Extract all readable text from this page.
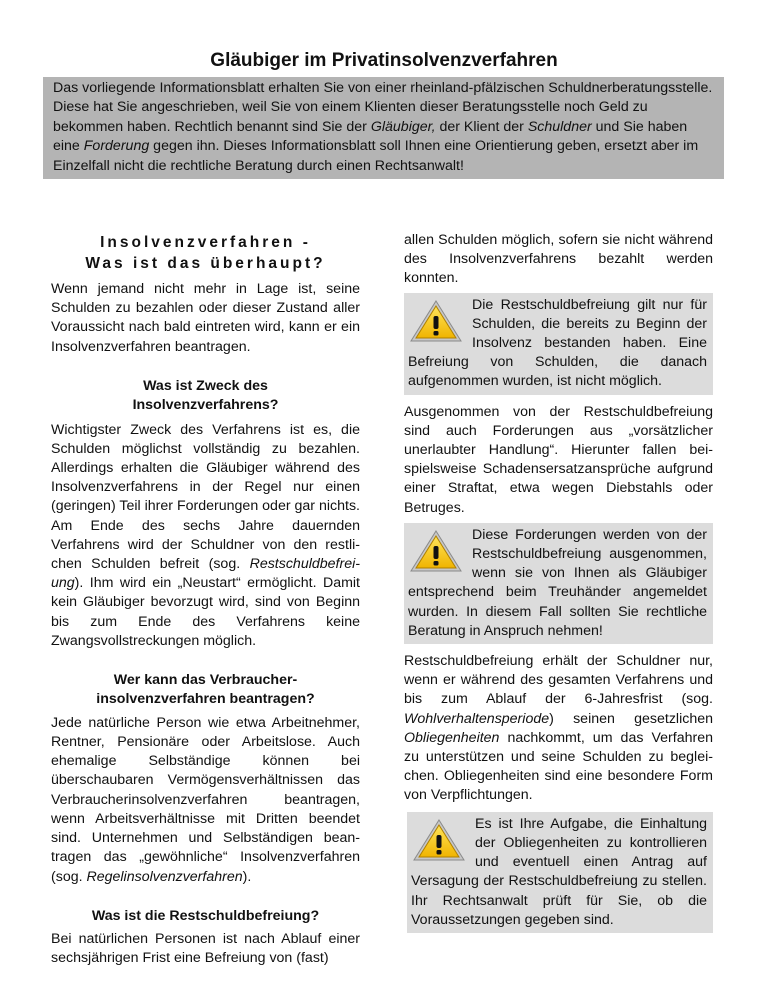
Gläubiger im Privatinsolvenzverfahren
Das vorliegende Informationsblatt erhalten Sie von einer rheinland-pfälzischen Schuldnerberatungsstelle. Diese hat Sie angeschrieben, weil Sie von einem Klienten dieser Beratungsstelle noch Geld zu bekommen haben. Rechtlich benannt sind Sie der Gläubiger, der Klient der Schuldner und Sie haben eine Forderung gegen ihn. Dieses Informationsblatt soll Ihnen eine Orientierung geben, ersetzt aber im Einzelfall nicht die rechtliche Beratung durch einen Rechtsanwalt!
Insolvenzverfahren -
Was ist das überhaupt?

Wenn jemand nicht mehr in Lage ist, seine Schulden zu bezahlen oder dieser Zustand aller Voraussicht nach bald eintreten wird, kann er ein Insolvenzverfahren beantragen.

Was ist Zweck des
Insolvenzverfahrens?

Wichtigster Zweck des Verfahrens ist es, die Schulden möglichst vollständig zu bezahlen. Allerdings erhalten die Gläubiger während des Insolvenzverfahrens in der Regel nur einen (geringen) Teil ihrer Forderungen oder gar nichts. Am Ende des sechs Jahre dauernden Verfahrens wird der Schuldner von den restlichen Schulden befreit (sog. Restschuldbefreiung). Ihm wird ein „Neustart“ ermöglicht. Damit kein Gläubiger bevorzugt wird, sind von Beginn bis zum Ende des Verfahrens keine Zwangsvollstreckungen möglich.

Wer kann das Verbraucher-
insolvenzverfahren beantragen?

Jede natürliche Person wie etwa Arbeitnehmer, Rentner, Pensionäre oder Arbeitslose. Auch ehemalige Selbständige können bei überschaubaren Vermögensverhältnissen das Verbraucherinsolvenzverfahren beantragen, wenn Arbeitsverhältnisse mit Dritten beendet sind. Unternehmen und Selbständigen beantragen das „gewöhnliche“ Insolvenzverfahren (sog. Regelinsolvenzverfahren).

Was ist die Restschuldbefreiung?

Bei natürlichen Personen ist nach Ablauf einer sechsjährigen Frist eine Befreiung von (fast)

allen Schulden möglich, sofern sie nicht während des Insolvenzverfahrens bezahlt werden konnten.

Die Restschuldbefreiung gilt nur für Schulden, die bereits zu Beginn der Insolvenz bestanden haben. Eine Befreiung von Schulden, die danach aufgenommen wurden, ist nicht möglich.

Ausgenommen von der Restschuldbefreiung sind auch Forderungen aus „vorsätzlicher unerlaubter Handlung“. Hierunter fallen beispielsweise Schadensersatzansprüche aufgrund einer Straftat, etwa wegen Diebstahls oder Betruges.

Diese Forderungen werden von der Restschuldbefreiung ausgenommen, wenn sie von Ihnen als Gläubiger entsprechend beim Treuhänder angemeldet wurden. In diesem Fall sollten Sie rechtliche Beratung in Anspruch nehmen!

Restschuldbefreiung erhält der Schuldner nur, wenn er während des gesamten Verfahrens und bis zum Ablauf der 6-Jahresfrist (sog. Wohlverhaltensperiode) seinen gesetzlichen Obliegenheiten nachkommt, um das Verfahren zu unterstützen und seine Schulden zu begleichen. Obliegenheiten sind eine besondere Form von Verpflichtungen.

Es ist Ihre Aufgabe, die Einhaltung der Obliegenheiten zu kontrollieren und eventuell einen Antrag auf Versagung der Restschuldbefreiung zu stellen. Ihr Rechtsanwalt prüft für Sie, ob die Voraussetzungen gegeben sind.
